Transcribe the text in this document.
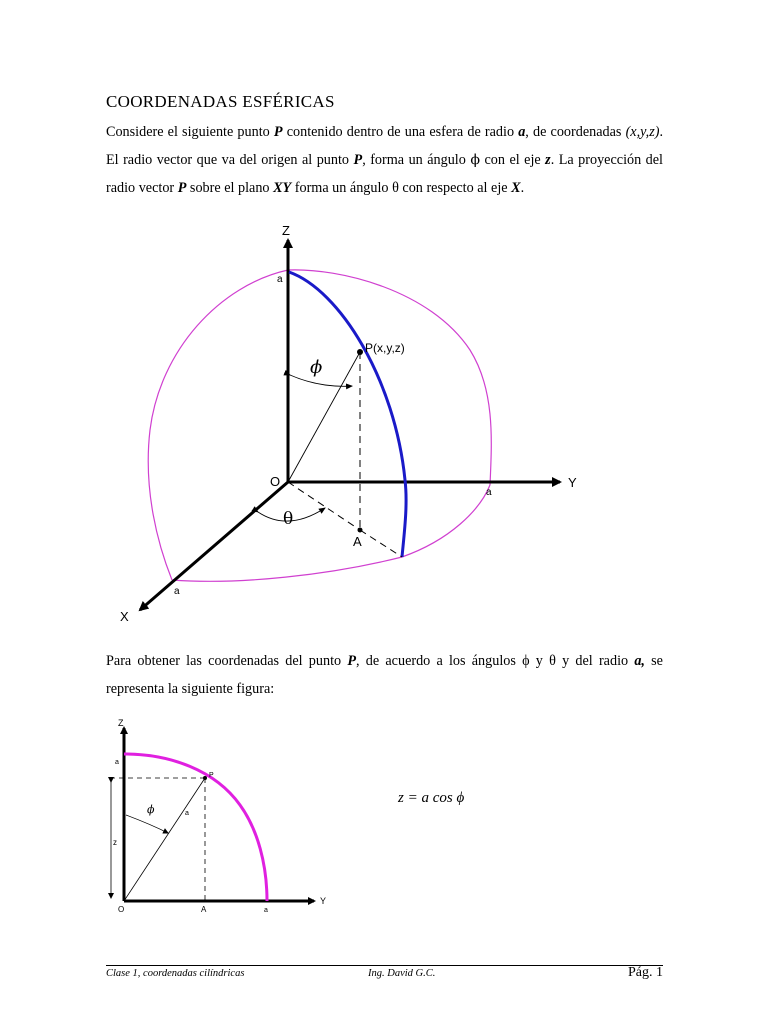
COORDENADAS ESFÉRICAS
Considere el siguiente punto P contenido dentro de una esfera de radio a, de coordenadas (x,y,z). El radio vector que va del origen al punto P, forma un ángulo ϕ con el eje z. La proyección del radio vector P sobre el plano XY forma un ángulo θ con respecto al eje X.
Z
Y
X
O
P(x,y,z)
A
a
a
a
ϕ
θ
Para obtener las coordenadas del punto P, de acuerdo a los ángulos ϕ y θ y del radio a, se representa la siguiente figura:
Z
Y
O	A	a
a
a
P
z
ϕ
z = a cos ϕ
Clase 1, coordenadas cilíndricas	Ing. David G.C.	Pág. 1
